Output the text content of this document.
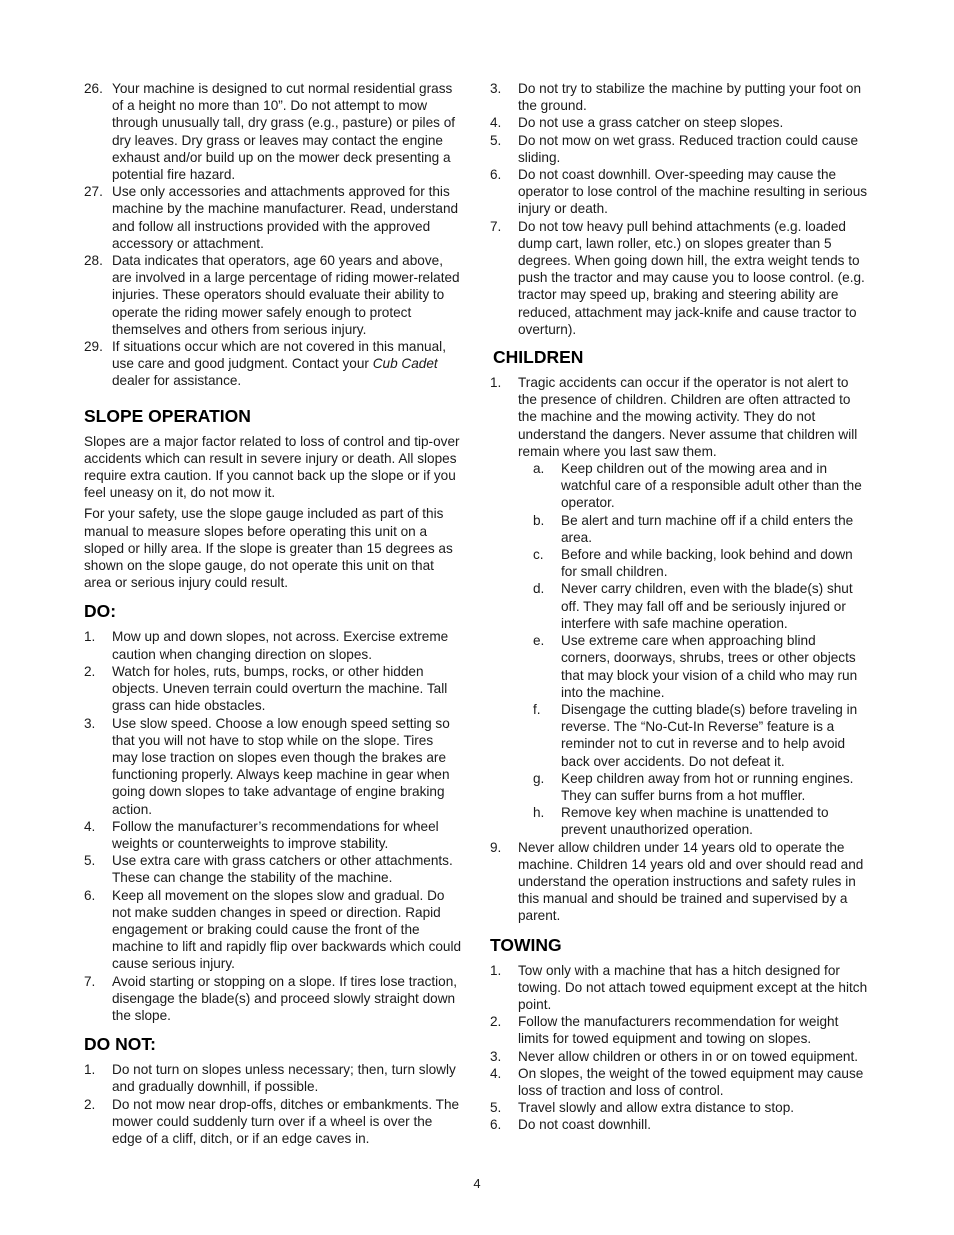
26. Your machine is designed to cut normal residential grass of a height no more than 10”. Do not attempt to mow through unusually tall, dry grass (e.g., pasture) or piles of dry leaves. Dry grass or leaves may contact the engine exhaust and/or build up on the mower deck presenting a potential fire hazard.
27. Use only accessories and attachments approved for this machine by the machine manufacturer. Read, understand and follow all instructions provided with the approved accessory or attachment.
28. Data indicates that operators, age 60 years and above, are involved in a large percentage of riding mower-related injuries. These operators should evaluate their ability to operate the riding mower safely enough to protect themselves and others from serious injury.
29. If situations occur which are not covered in this manual, use care and good judgment. Contact your Cub Cadet dealer for assistance.
SLOPE OPERATION

Slopes are a major factor related to loss of control and tip-over accidents which can result in severe injury or death. All slopes require extra caution. If you cannot back up the slope or if you feel uneasy on it, do not mow it.

For your safety, use the slope gauge included as part of this manual to measure slopes before operating this unit on a sloped or hilly area. If the slope is greater than 15 degrees as shown on the slope gauge, do not operate this unit on that area or serious injury could result.

DO:
1. Mow up and down slopes, not across. Exercise extreme caution when changing direction on slopes.
2. Watch for holes, ruts, bumps, rocks, or other hidden objects. Uneven terrain could overturn the machine. Tall grass can hide obstacles.
3. Use slow speed. Choose a low enough speed setting so that you will not have to stop while on the slope. Tires may lose traction on slopes even though the brakes are functioning properly. Always keep machine in gear when going down slopes to take advantage of engine braking action.
4. Follow the manufacturer’s recommendations for wheel weights or counterweights to improve stability.
5. Use extra care with grass catchers or other attachments. These can change the stability of the machine.
6. Keep all movement on the slopes slow and gradual. Do not make sudden changes in speed or direction. Rapid engagement or braking could cause the front of the machine to lift and rapidly flip over backwards which could cause serious injury.
7. Avoid starting or stopping on a slope. If tires lose traction, disengage the blade(s) and proceed slowly straight down the slope.
DO NOT:
1. Do not turn on slopes unless necessary; then, turn slowly and gradually downhill, if possible.
2. Do not mow near drop-offs, ditches or embankments. The mower could suddenly turn over if a wheel is over the edge of a cliff, ditch, or if an edge caves in.
3. Do not try to stabilize the machine by putting your foot on the ground.
4. Do not use a grass catcher on steep slopes.
5. Do not mow on wet grass. Reduced traction could cause sliding.
6. Do not coast downhill. Over-speeding may cause the operator to lose control of the machine resulting in serious injury or death.
7. Do not tow heavy pull behind attachments (e.g. loaded dump cart, lawn roller, etc.) on slopes greater than 5 degrees. When going down hill, the extra weight tends to push the tractor and may cause you to loose control. (e.g. tractor may speed up, braking and steering ability are reduced, attachment may jack-knife and cause tractor to overturn).
CHILDREN
1. Tragic accidents can occur if the operator is not alert to the presence of children. Children are often attracted to the machine and the mowing activity. They do not understand the dangers. Never assume that children will remain where you last saw them.
a. Keep children out of the mowing area and in watchful care of a responsible adult other than the operator.
b. Be alert and turn machine off if a child enters the area.
c. Before and while backing, look behind and down for small children.
d. Never carry children, even with the blade(s) shut off. They may fall off and be seriously injured or interfere with safe machine operation.
e. Use extreme care when approaching blind corners, doorways, shrubs, trees or other objects that may block your vision of a child who may run into the machine.
f. Disengage the cutting blade(s) before traveling in reverse. The “No-Cut-In Reverse” feature is a reminder not to cut in reverse and to help avoid back over accidents. Do not defeat it.
g. Keep children away from hot or running engines. They can suffer burns from a hot muffler.
h. Remove key when machine is unattended to prevent unauthorized operation.
9. Never allow children under 14 years old to operate the machine. Children 14 years old and over should read and understand the operation instructions and safety rules in this manual and should be trained and supervised by a parent.
TOWING
1. Tow only with a machine that has a hitch designed for towing. Do not attach towed equipment except at the hitch point.
2. Follow the manufacturers recommendation for weight limits for towed equipment and towing on slopes.
3. Never allow children or others in or on towed equipment.
4. On slopes, the weight of the towed equipment may cause loss of traction and loss of control.
5. Travel slowly and allow extra distance to stop.
6. Do not coast downhill.
4
